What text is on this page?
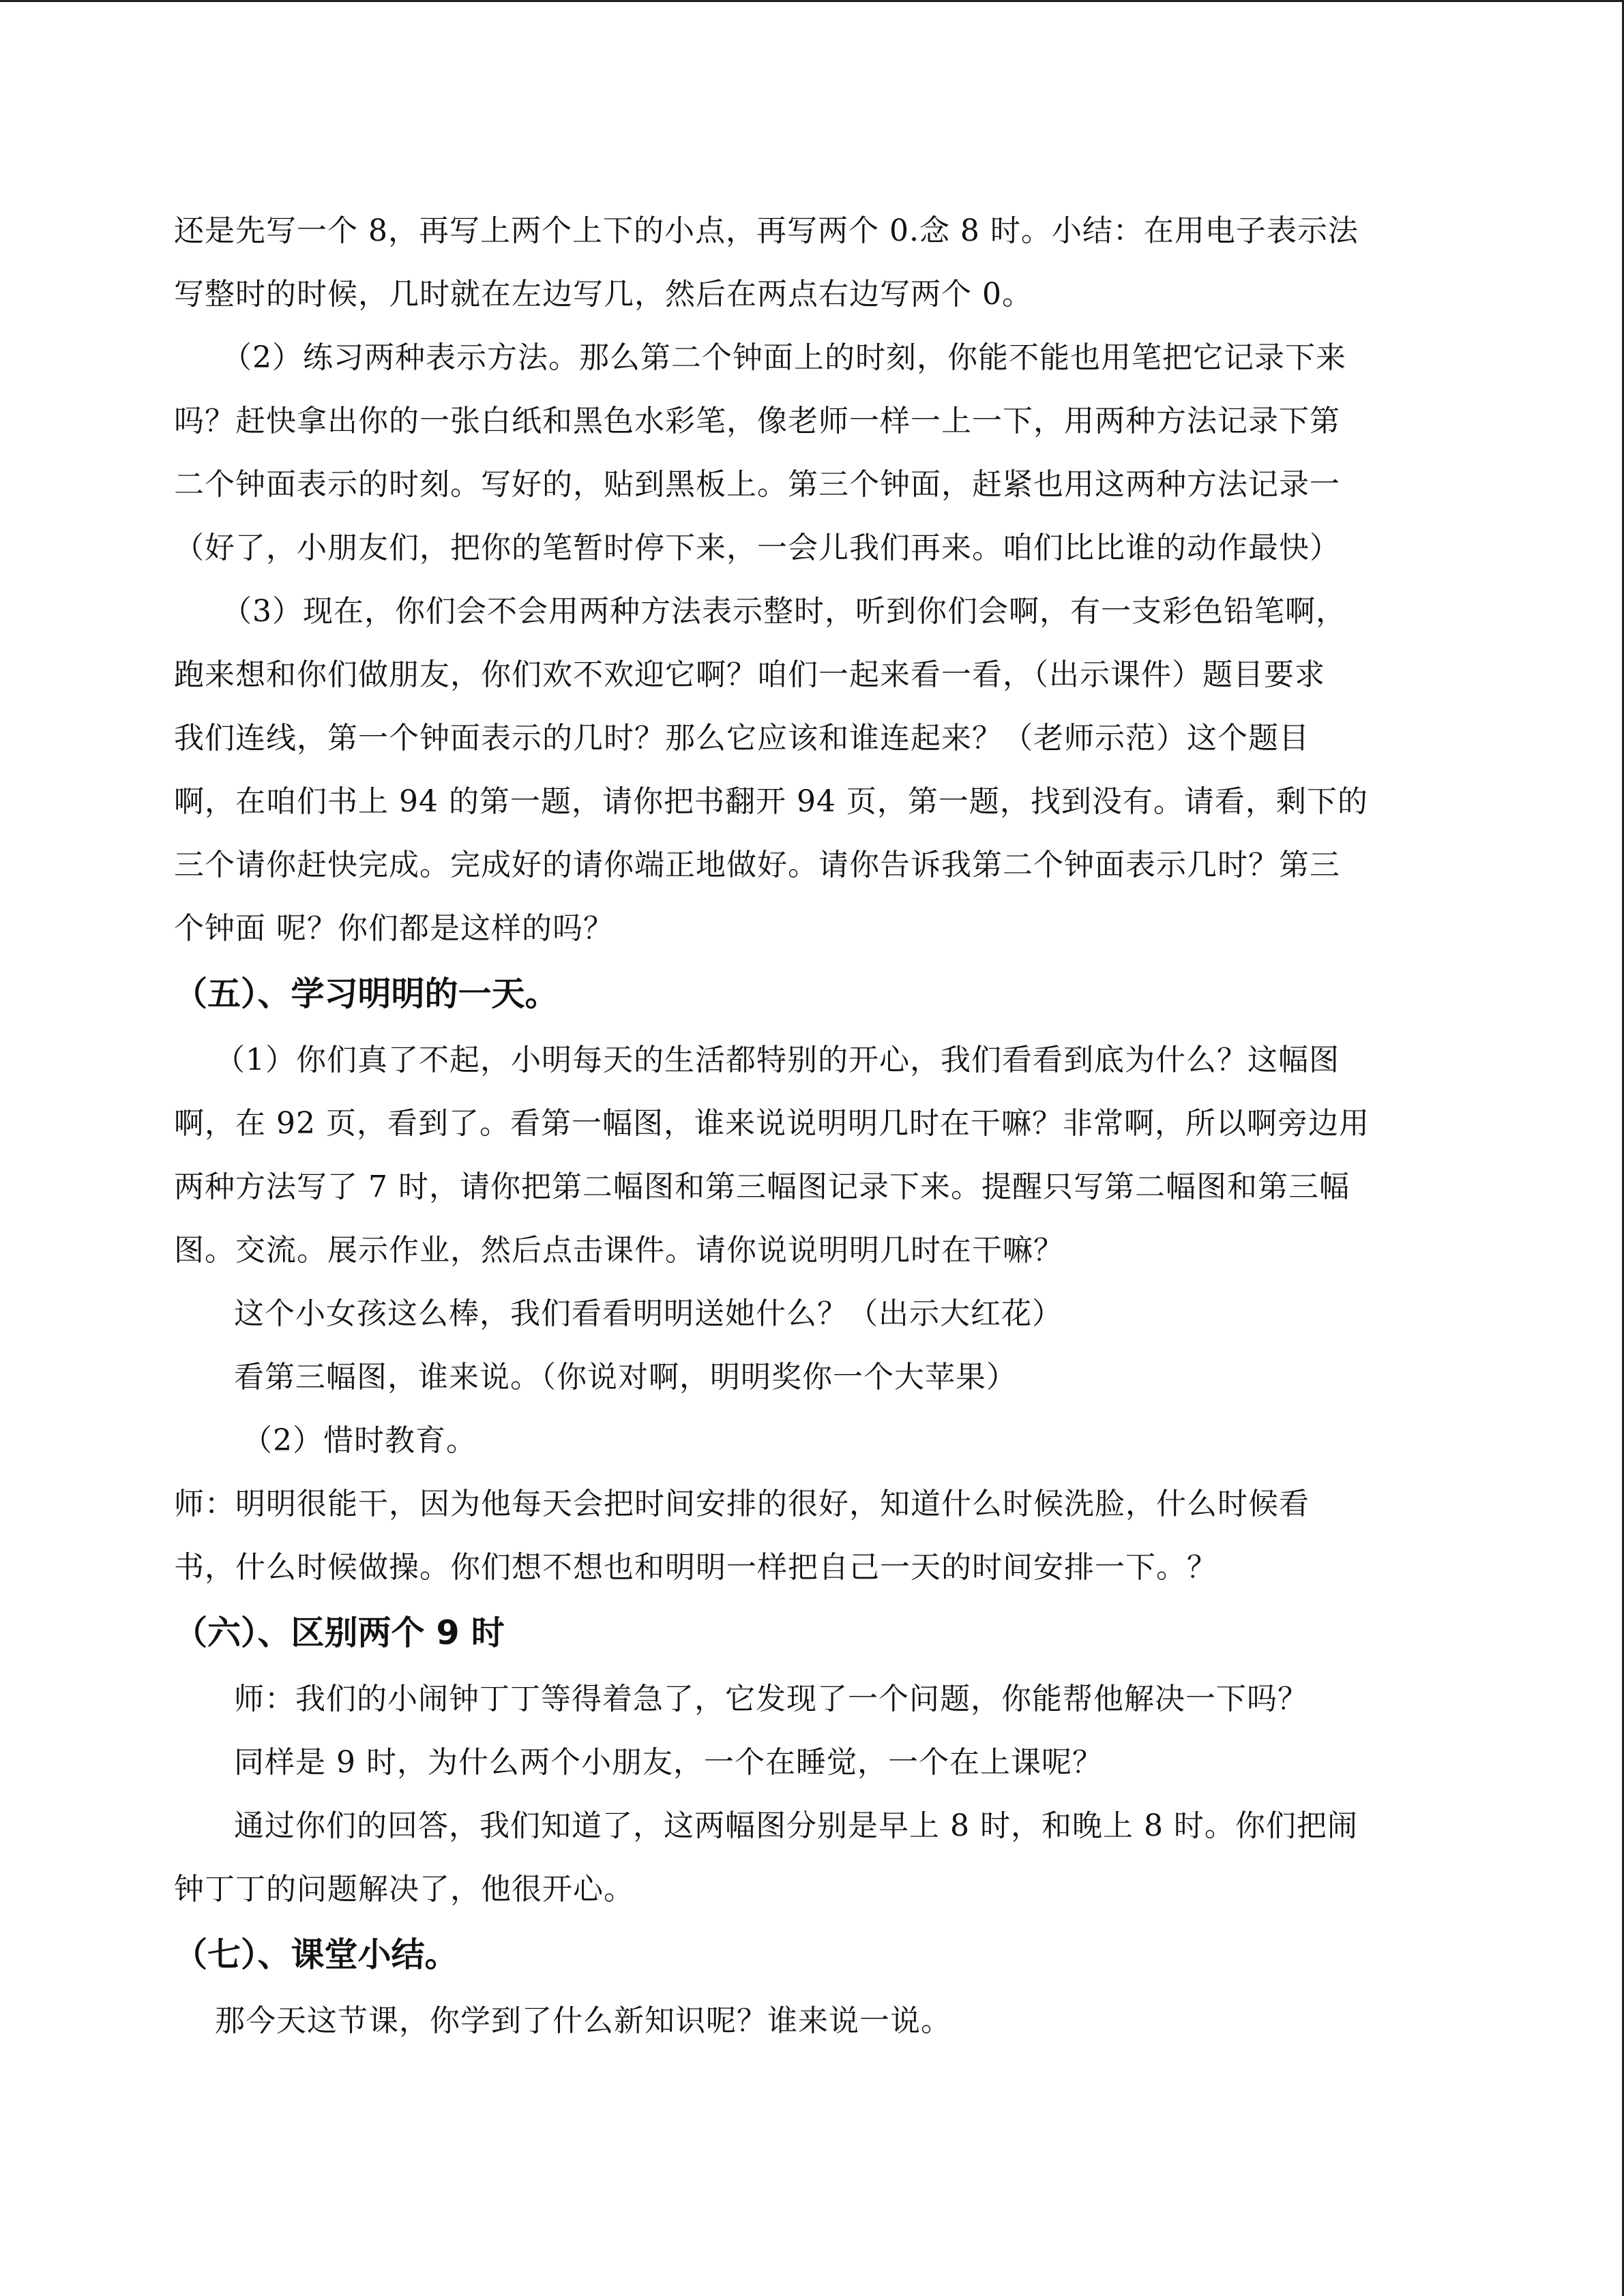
还是先写一个 8，再写上两个上下的小点，再写两个 0.念 8 时。小结：在用电子表示法

写整时的时候，几时就在左边写几，然后在两点右边写两个 0。

（2）练习两种表示方法。那么第二个钟面上的时刻，你能不能也用笔把它记录下来

吗？赶快拿出你的一张白纸和黑色水彩笔，像老师一样一上一下，用两种方法记录下第

二个钟面表示的时刻。写好的，贴到黑板上。第三个钟面，赶紧也用这两种方法记录一

（好了，小朋友们，把你的笔暂时停下来，一会儿我们再来。咱们比比谁的动作最快）

（3）现在，你们会不会用两种方法表示整时，听到你们会啊，有一支彩色铅笔啊，

跑来想和你们做朋友，你们欢不欢迎它啊？咱们一起来看一看，（出示课件）题目要求

我们连线，第一个钟面表示的几时？那么它应该和谁连起来？（老师示范）这个题目

啊，在咱们书上 94 的第一题，请你把书翻开 94 页，第一题，找到没有。请看，剩下的

三个请你赶快完成。完成好的请你端正地做好。请你告诉我第二个钟面表示几时？第三

个钟面 呢？你们都是这样的吗？

（五）、学习明明的一天。

（1）你们真了不起，小明每天的生活都特别的开心，我们看看到底为什么？这幅图

啊，在 92 页，看到了。看第一幅图，谁来说说明明几时在干嘛？非常啊，所以啊旁边用

两种方法写了 7 时，请你把第二幅图和第三幅图记录下来。提醒只写第二幅图和第三幅

图。交流。展示作业，然后点击课件。请你说说明明几时在干嘛？

这个小女孩这么棒，我们看看明明送她什么？（出示大红花）

看第三幅图，谁来说。（你说对啊，明明奖你一个大苹果）

（2）惜时教育。

师：明明很能干，因为他每天会把时间安排的很好，知道什么时候洗脸，什么时候看

书，什么时候做操。你们想不想也和明明一样把自己一天的时间安排一下。？

（六）、区别两个 9 时

师：我们的小闹钟丁丁等得着急了，它发现了一个问题，你能帮他解决一下吗？

同样是 9 时，为什么两个小朋友，一个在睡觉，一个在上课呢？

通过你们的回答，我们知道了，这两幅图分别是早上 8 时，和晚上 8 时。你们把闹

钟丁丁的问题解决了，他很开心。

（七）、课堂小结。

那今天这节课，你学到了什么新知识呢？谁来说一说。
